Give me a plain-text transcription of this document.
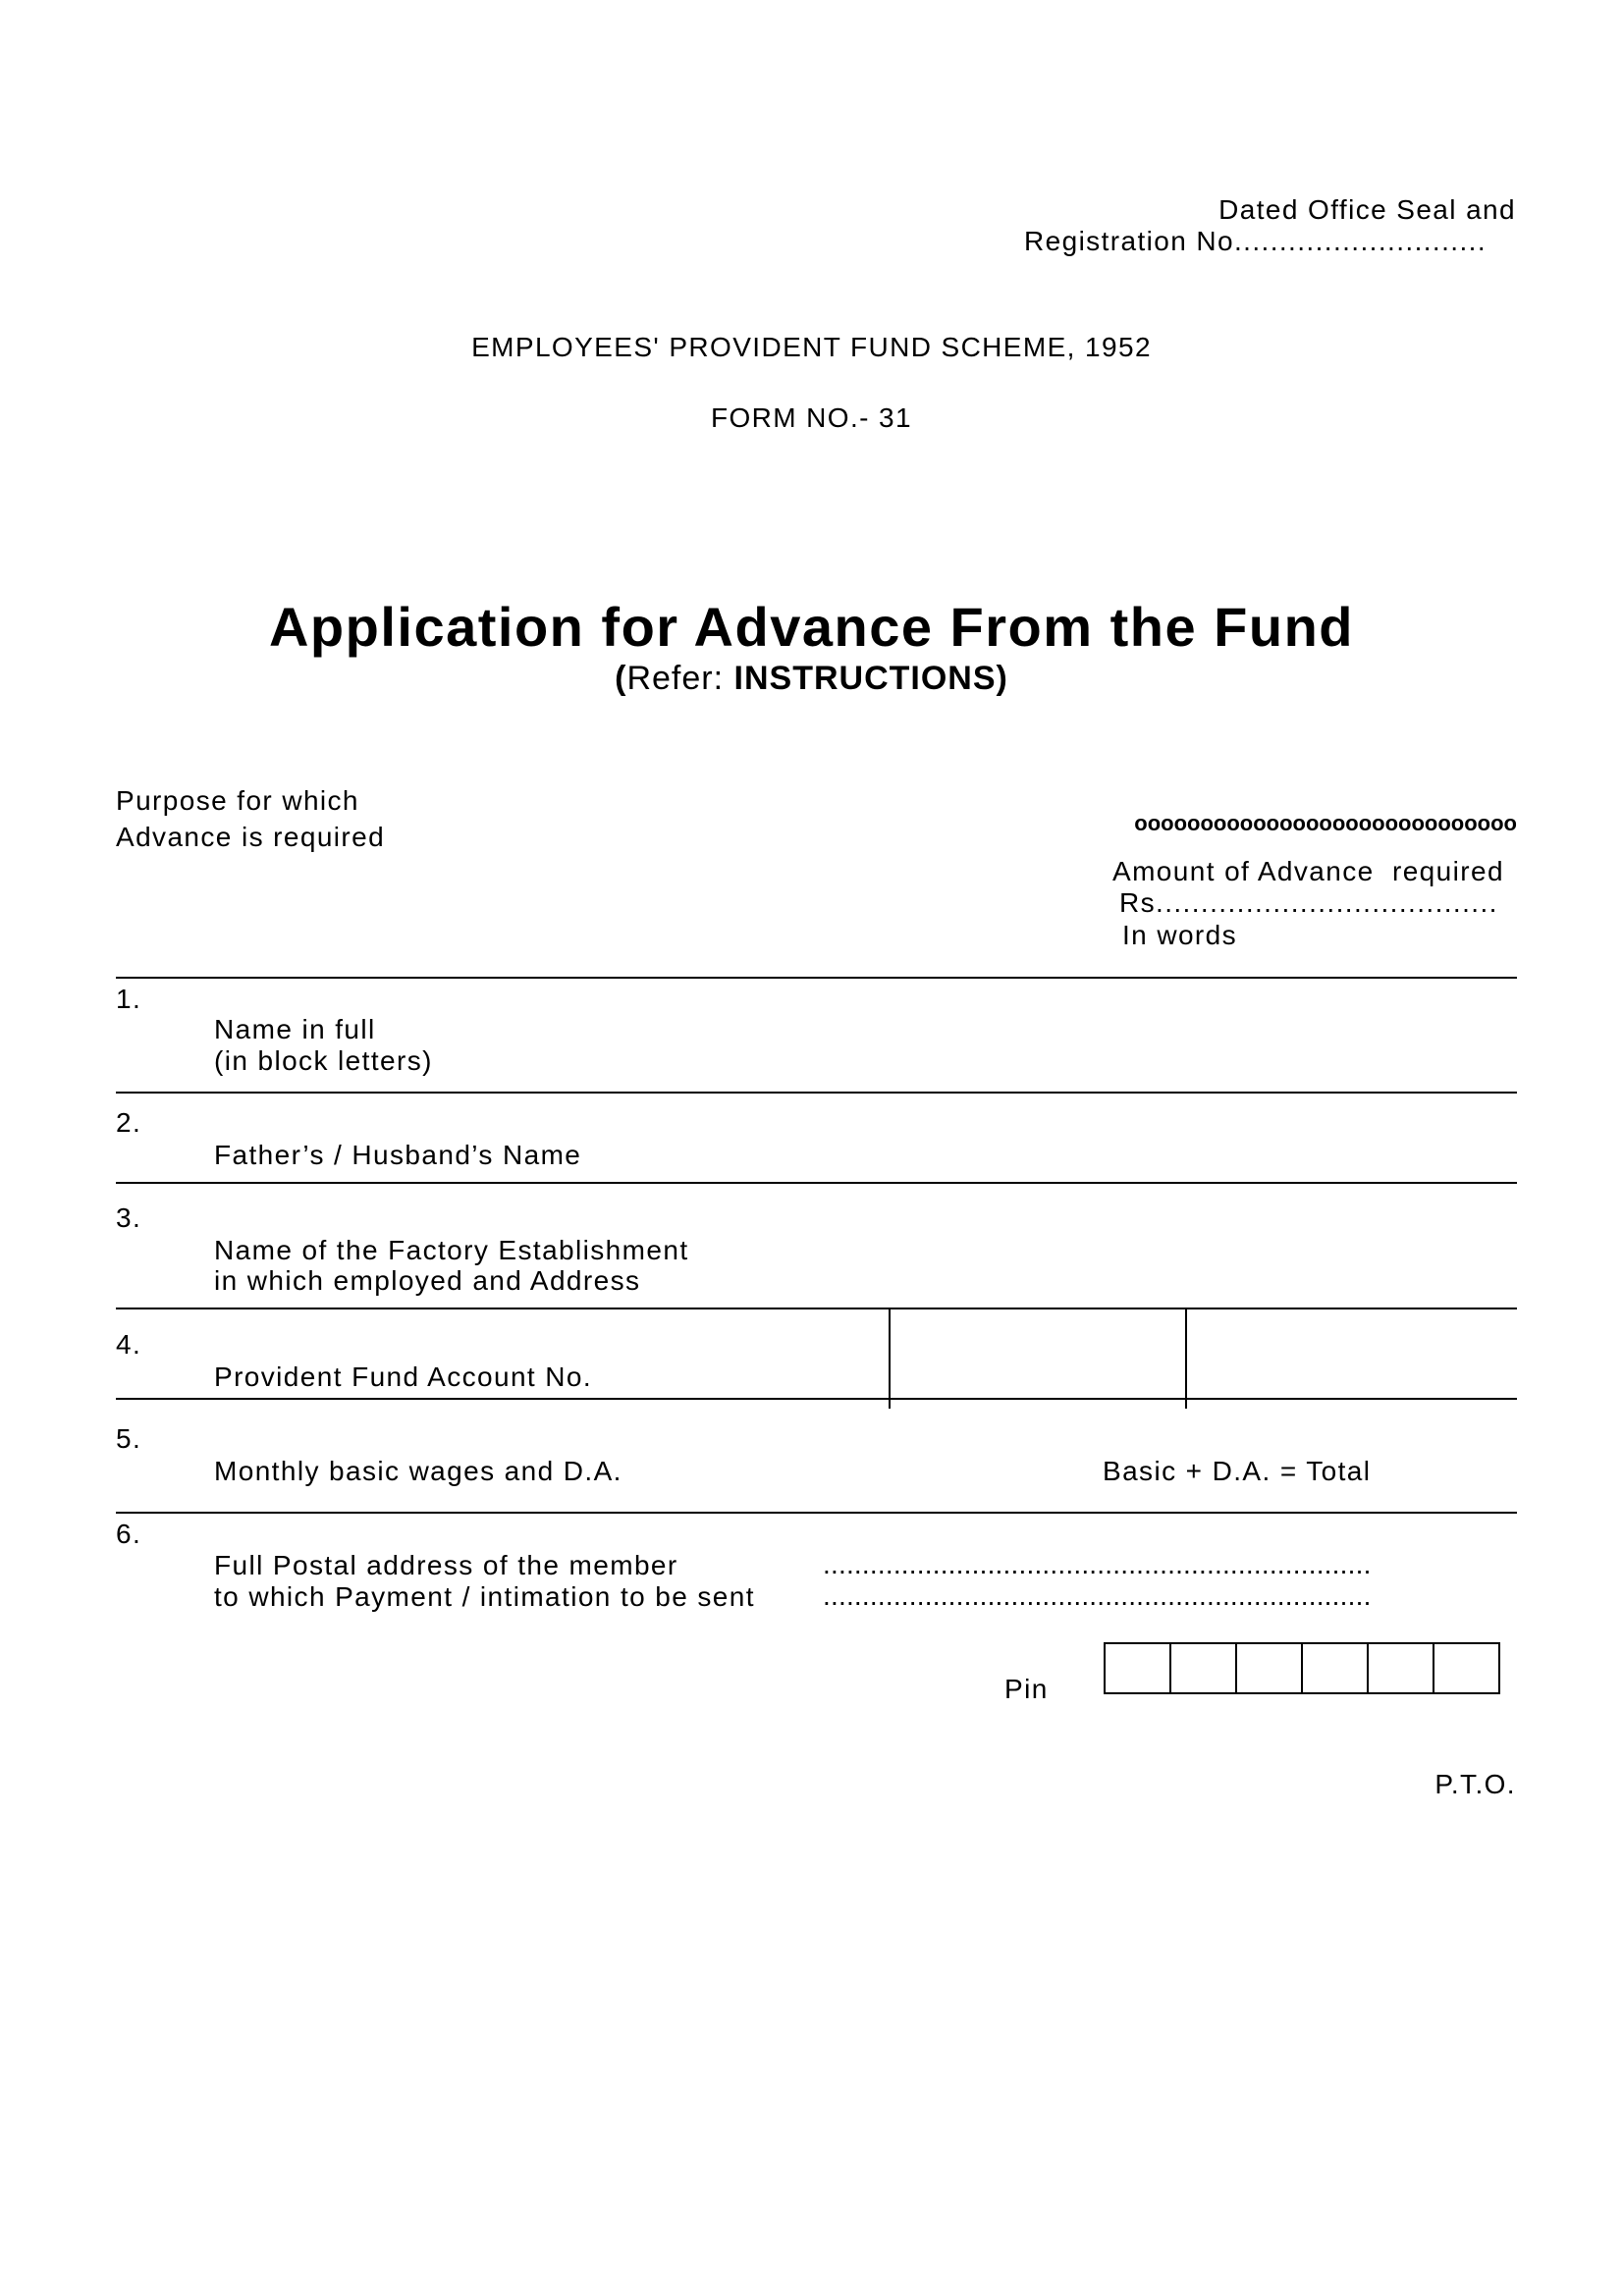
Dated Office Seal and
Registration No............................
EMPLOYEES' PROVIDENT FUND SCHEME, 1952
FORM NO.- 31
Application for Advance From the Fund
(Refer: INSTRUCTIONS)
Purpose for which
Advance is required	ooooooooooooooooooooooooooooo
Amount of Advance  required
Rs......................................
In words
1.
Name in full
(in block letters)
2.
Father’s / Husband’s Name
3.
Name of the Factory Establishment
in which employed and Address
4.
Provident Fund Account No.
5.
Monthly basic wages and D.A.	Basic + D.A. = Total
6.
Full Postal address of the member
to which Payment / intimation to be sent
......................................................................
......................................................................
Pin
P.T.O.
